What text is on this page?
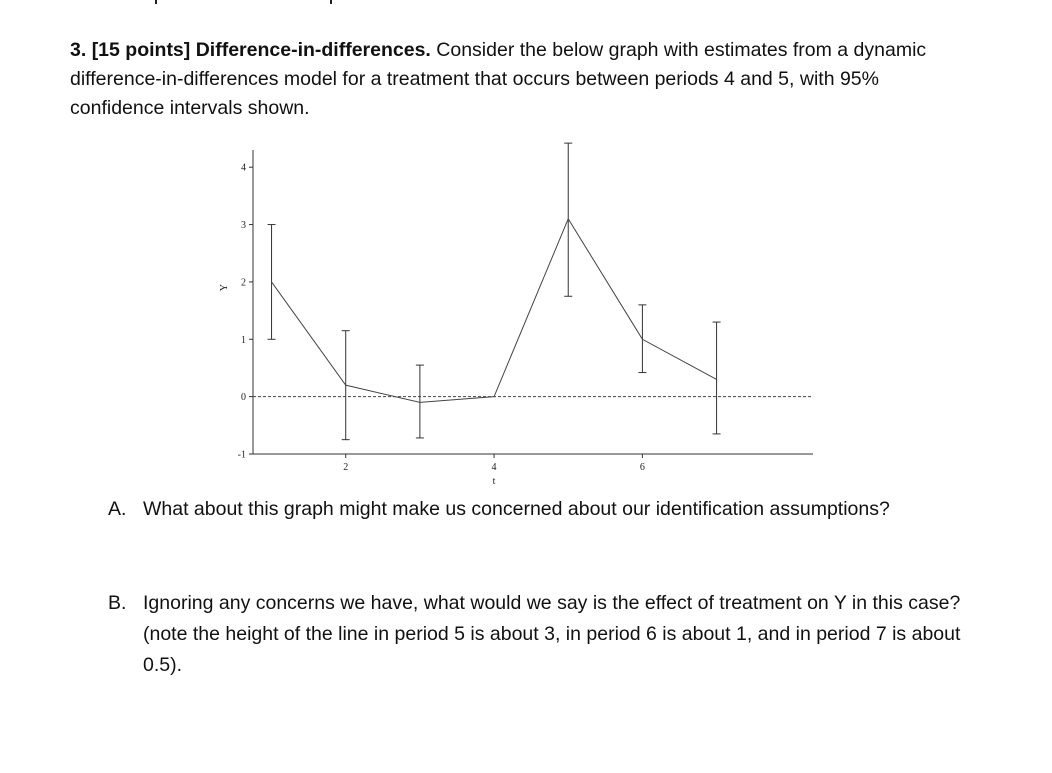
3. [15 points] Difference-in-differences. Consider the below graph with estimates from a dynamic difference-in-differences model for a treatment that occurs between periods 4 and 5, with 95% confidence intervals shown.
-1
0
1
2
3
4
2	4	6
t
Y
A. What about this graph might make us concerned about our identification assumptions?
B. Ignoring any concerns we have, what would we say is the effect of treatment on Y in this case? (note the height of the line in period 5 is about 3, in period 6 is about 1, and in period 7 is about 0.5).
